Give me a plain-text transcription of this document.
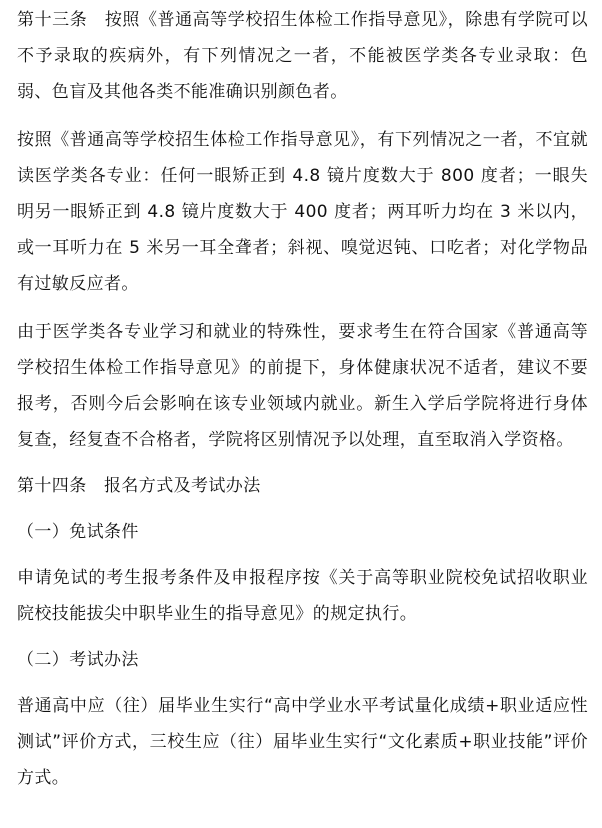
第十三条　按照《普通高等学校招生体检工作指导意见》，除患有学院可以不予录取的疾病外，有下列情况之一者，不能被医学类各专业录取：色弱、色盲及其他各类不能准确识别颜色者。

按照《普通高等学校招生体检工作指导意见》，有下列情况之一者，不宜就读医学类各专业：任何一眼矫正到 4.8 镜片度数大于 800 度者；一眼失明另一眼矫正到 4.8 镜片度数大于 400 度者；两耳听力均在 3 米以内，或一耳听力在 5 米另一耳全聋者；斜视、嗅觉迟钝、口吃者；对化学物品有过敏反应者。

由于医学类各专业学习和就业的特殊性，要求考生在符合国家《普通高等学校招生体检工作指导意见》的前提下，身体健康状况不适者，建议不要报考，否则今后会影响在该专业领域内就业。新生入学后学院将进行身体复查，经复查不合格者，学院将区别情况予以处理，直至取消入学资格。

第十四条　报名方式及考试办法

（一）免试条件

申请免试的考生报考条件及申报程序按《关于高等职业院校免试招收职业院校技能拔尖中职毕业生的指导意见》的规定执行。

（二）考试办法

普通高中应（往）届毕业生实行“高中学业水平考试量化成绩+职业适应性测试”评价方式，三校生应（往）届毕业生实行“文化素质+职业技能”评价方式。
